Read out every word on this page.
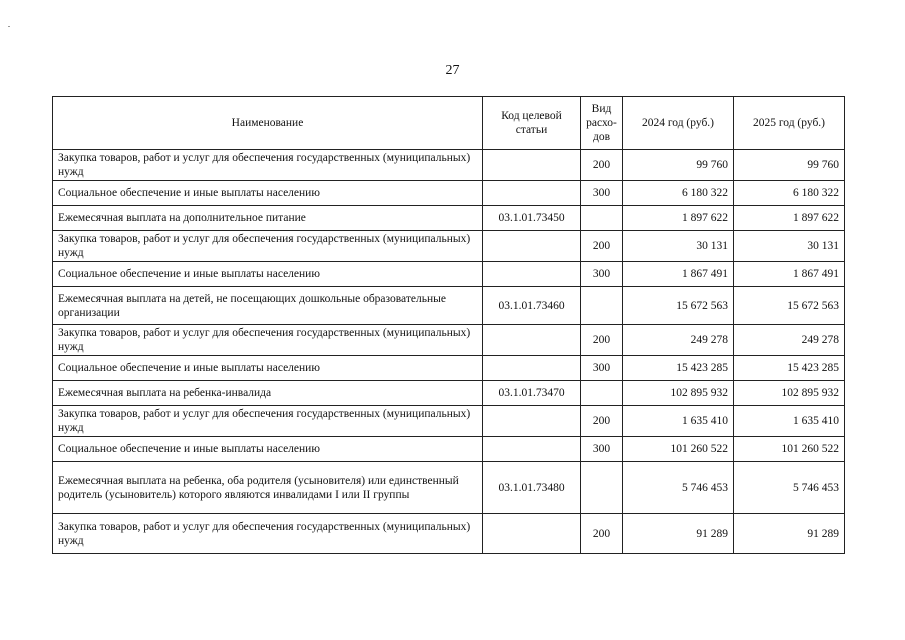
27
Наименование	Код целевой статьи	Вид расхо-дов	2024 год (руб.)	2025 год (руб.)
Закупка товаров, работ и услуг для обеспечения государственных (муниципальных) нужд		200	99 760	99 760
Социальное обеспечение и иные выплаты населению		300	6 180 322	6 180 322
Ежемесячная выплата на дополнительное питание	03.1.01.73450		1 897 622	1 897 622
Закупка товаров, работ и услуг для обеспечения государственных (муниципальных) нужд		200	30 131	30 131
Социальное обеспечение и иные выплаты населению		300	1 867 491	1 867 491
Ежемесячная выплата на детей, не посещающих дошкольные образовательные организации	03.1.01.73460		15 672 563	15 672 563
Закупка товаров, работ и услуг для обеспечения государственных (муниципальных) нужд		200	249 278	249 278
Социальное обеспечение и иные выплаты населению		300	15 423 285	15 423 285
Ежемесячная выплата на ребенка-инвалида	03.1.01.73470		102 895 932	102 895 932
Закупка товаров, работ и услуг для обеспечения государственных (муниципальных) нужд		200	1 635 410	1 635 410
Социальное обеспечение и иные выплаты населению		300	101 260 522	101 260 522
Ежемесячная выплата на ребенка, оба родителя (усыновителя) или единственный родитель (усыновитель) которого являются инвалидами I или II группы	03.1.01.73480		5 746 453	5 746 453
Закупка товаров, работ и услуг для обеспечения государственных (муниципальных) нужд		200	91 289	91 289
